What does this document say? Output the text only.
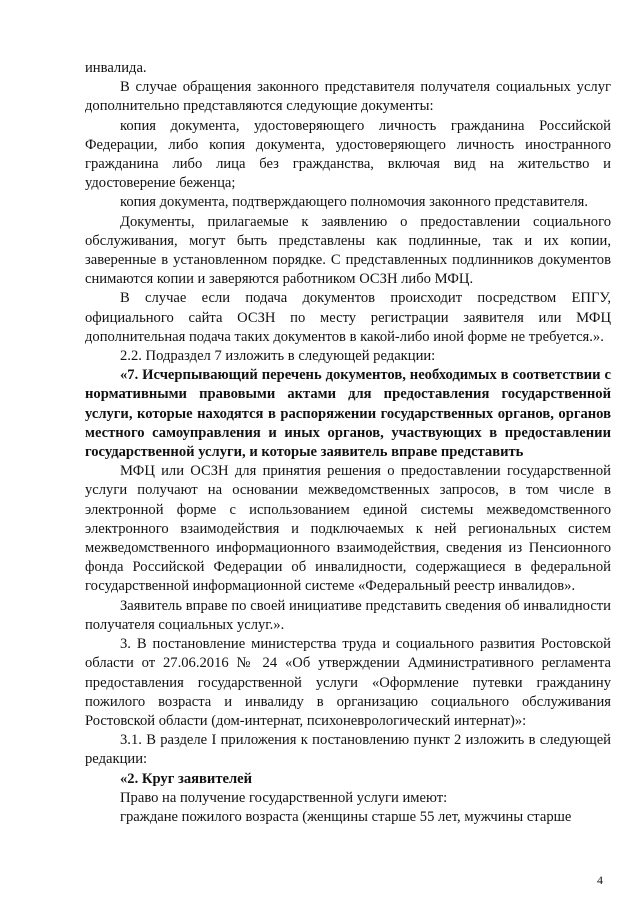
инвалида.

В случае обращения законного представителя получателя социальных услуг дополнительно представляются следующие документы:

копия документа, удостоверяющего личность гражданина Российской Федерации, либо копия документа, удостоверяющего личность иностранного гражданина либо лица без гражданства, включая вид на жительство и удостоверение беженца;

копия документа, подтверждающего полномочия законного представителя.

Документы, прилагаемые к заявлению о предоставлении социального обслуживания, могут быть представлены как подлинные, так и их копии, заверенные в установленном порядке. С представленных подлинников документов снимаются копии и заверяются работником ОСЗН либо МФЦ.

В случае если подача документов происходит посредством ЕПГУ, официального сайта ОСЗН по месту регистрации заявителя или МФЦ дополнительная подача таких документов в какой-либо иной форме не требуется.».

2.2. Подраздел 7 изложить в следующей редакции:

«7. Исчерпывающий перечень документов, необходимых в соответствии с нормативными правовыми актами для предоставления государственной услуги, которые находятся в распоряжении государственных органов, органов местного самоуправления и иных органов, участвующих в предоставлении государственной услуги, и которые заявитель вправе представить

МФЦ или ОСЗН для принятия решения о предоставлении государственной услуги получают на основании межведомственных запросов, в том числе в электронной форме с использованием единой системы межведомственного электронного взаимодействия и подключаемых к ней региональных систем межведомственного информационного взаимодействия, сведения из Пенсионного фонда Российской Федерации об инвалидности, содержащиеся в федеральной государственной информационной системе «Федеральный реестр инвалидов».

Заявитель вправе по своей инициативе представить сведения об инвалидности получателя социальных услуг.».

3. В постановление министерства труда и социального развития Ростовской области от 27.06.2016 № 24 «Об утверждении Административного регламента предоставления государственной услуги «Оформление путевки гражданину пожилого возраста и инвалиду в организацию социального обслуживания Ростовской области (дом-интернат, психоневрологический интернат)»:

3.1. В разделе I приложения к постановлению пункт 2 изложить в следующей редакции:

«2. Круг заявителей

Право на получение государственной услуги имеют:

граждане пожилого возраста (женщины старше 55 лет, мужчины старше

4
